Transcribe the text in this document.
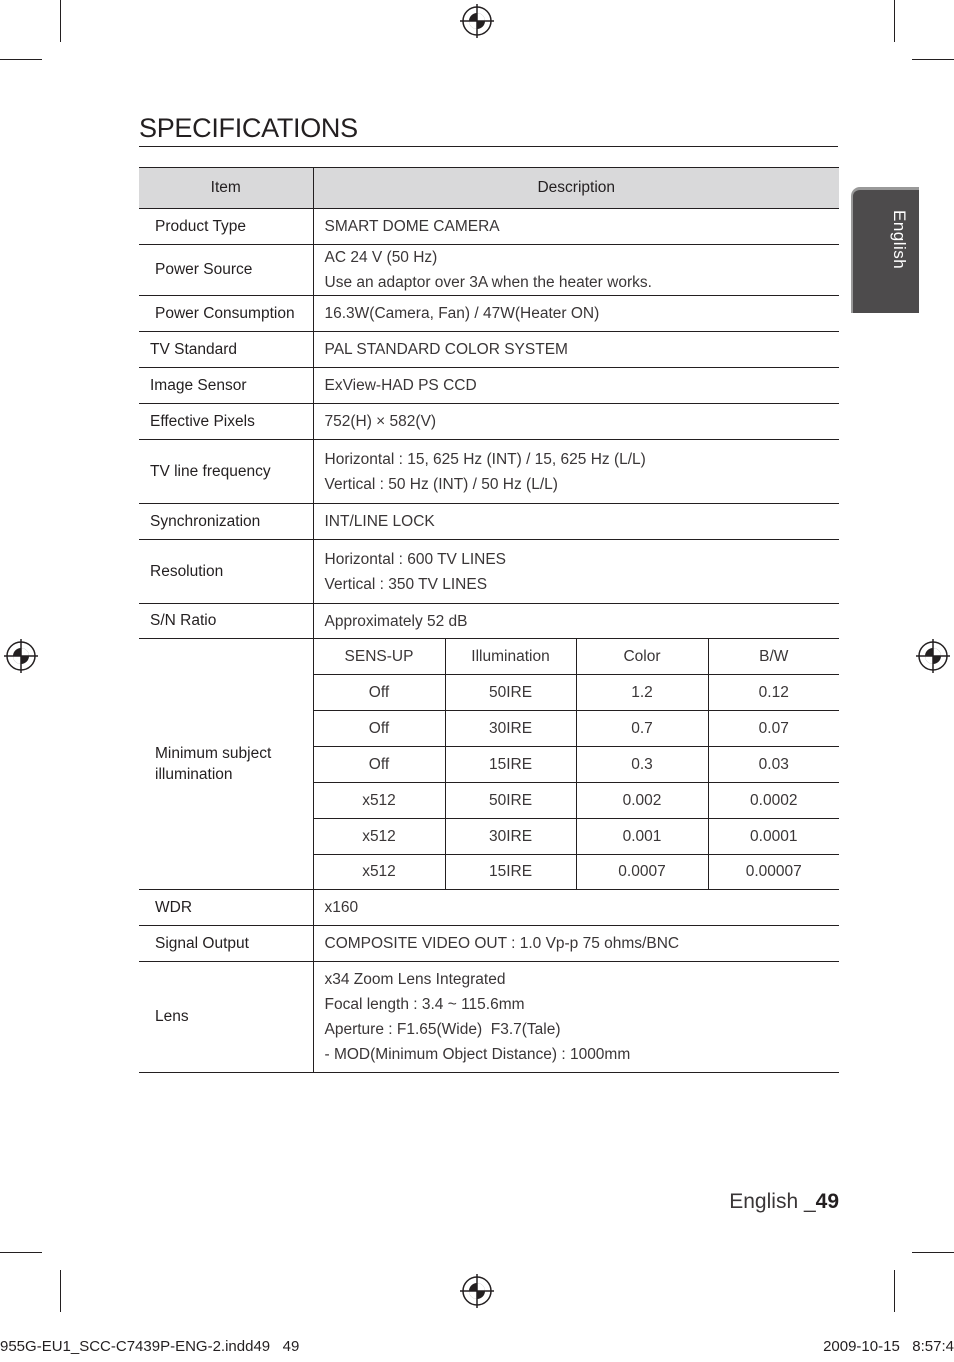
SPECIFICATIONS
English
Item	Description			
Product Type	SMART DOME CAMERA			

Power Source	AC 24 V (50 Hz)
Use an adaptor over 3A when the heater works.			

Power Consumption	16.3W(Camera, Fan) / 47W(Heater ON)			

TV Standard	PAL STANDARD COLOR SYSTEM			

Image Sensor	ExView-HAD PS CCD			

Effective Pixels	752(H) × 582(V)			

TV line frequency	Horizontal : 15, 625 Hz (INT) / 15, 625 Hz (L/L)
Vertical : 50 Hz (INT) / 50 Hz (L/L)			

Synchronization	INT/LINE LOCK			

Resolution	Horizontal : 600 TV LINES
Vertical : 350 TV LINES			

S/N Ratio	Approximately 52 dB			

Minimum subject
illumination	SENS-UP	Illumination	Color	B/W
	Off	50IRE	1.2	0.12
	Off	30IRE	0.7	0.07
	Off	15IRE	0.3	0.03
	x512	50IRE	0.002	0.0002
	x512	30IRE	0.001	0.0001
	x512	15IRE	0.0007	0.00007
WDR	x160			

Signal Output	COMPOSITE VIDEO OUT : 1.0 Vp-p 75 ohms/BNC			

Lens	x34 Zoom Lens Integrated
Focal length : 3.4 ~ 115.6mm
Aperture : F1.65(Wide)  F3.7(Tale)
- MOD(Minimum Object Distance) : 1000mm			
English _49
955G-EU1_SCC-C7439P-ENG-2.indd49   49	2009-10-15   8:57:4
